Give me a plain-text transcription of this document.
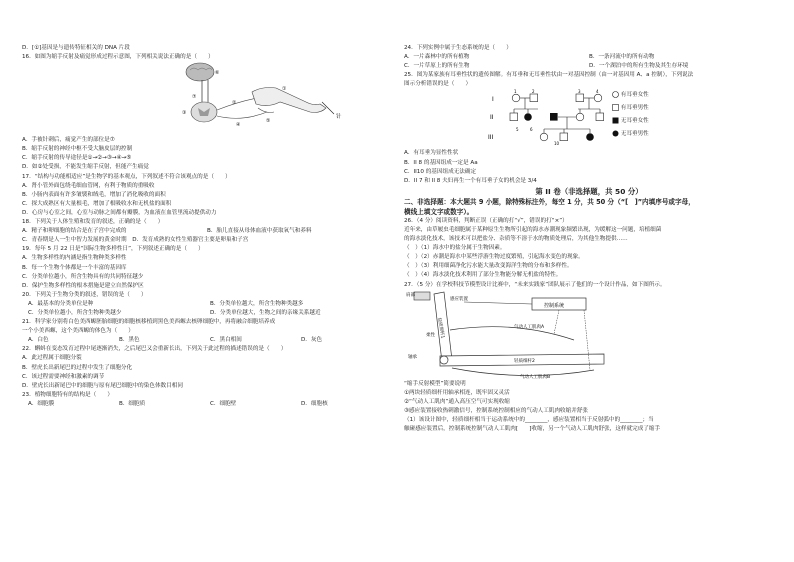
D．[①]基因是与遗传特征相关的 DNA 片段
16．如图为缩手反射及痛觉形成过程示意图，下列相关说法正确的是（　　）
针
⑥
⑦
③
②
④
①
⑤
A．手被针刺后，痛觉产生的部位是⑦
B．缩手反射的神经中枢不受大脑皮层的控制
C．缩手反射的传导途径是①→②→③→④→⑤
D．如②处受损，不能发生缩手反射，但能产生痛觉
17．“结构与功能相适应”是生物学的基本观点，下列叙述不符合该观点的是（　　）
A．肾小管外面包绕毛细血管网，有利于物质的重吸收
B．小肠内表面有许多皱襞和绒毛，增加了消化吸收的面积
C．探大成熟区有大量根毛，增加了根吸收水和无机盐的面积
D．心房与心室之间，心室与动脉之间都有瓣膜，为血液在血管里流动提供动力
18．下列关于人体生殖和发育的叙述，正确的是（　　）
A．精子和卵细胞的结合是在子宫中完成的	B．胎儿直接从母体血液中获取氧气和养料
C．青春期是人一生中智力发展的黄金时期　D．发育成熟的女性生殖器官主要是卵巢和子宫
19．每年 5 月 22 日是“国际生物多样性日”，下列叙述正确的是（　　）
A．生物多样性的内涵是指生物种类多样性
B．每一个生物个体都是一个丰富的基因库
C．分类单位越小，所含生物具有的共同特征越少
D．保护生物多样性的根本措施是建立自然保护区
20．下列关于生物分类的叙述，错误的是（　　）
A．最基本的分类单位是种	B．分类单位越大，所含生物种类越多
C．分类单位越小，所含生物种类越少	D．分类单位越大，生物之间的亲缘关系越近
21．科学家分别将白色美西螈胚胎细胞的细胞核移植到黑色美西螈去核卵细胞中，再将融合细胞培养成
一个小美西螈，这个美西螈的体色为（　　）
A．白色	B．黑色	C．黑白相间	D．灰色
22．蝌蚪在变态发育过程中尾逐渐消失，之后尾巴又会重新长出，下列关于此过程的描述错误的是（　　）
A．此过程属于细胞分裂
B．壁虎长出新尾巴的过程中发生了细胞分化
C．该过程需要神经和激素的调节
D．壁虎长出新尾巴中的细胞与原有尾巴细胞中的染色体数目相同
23．植物细胞特有的结构是（　　）
A．细胞膜	B．细胞质	C．细胞壁	D．细胞核
24．下列实例中属于生态系统的是（　　）
A．一片森林中的所有植物	B．一条河流中的所有动物
C．一片草原上的所有生物	D．一个湖泊中的所有生物及其生存环境
25．图为某家族有耳垂性状的遗传图解。有耳垂和无耳垂性状由一对基因控制（由一对基因用 A、a 控制），下列说法
图示分析错误的是（　　）
I
II
III
1	2	3	4
5	6
10
有耳垂女性
有耳垂男性
无耳垂女性
无耳垂男性
A．有耳垂为显性性状
B．II 8 的基因组成一定是 Aa
C．II10 的基因组成无法确定
D．II 7 和 II 8 夫妇再生一个有耳垂子女的机会是 3/4
第 II 卷（非选择题，共 50 分）
二、非选择题：本大题共 9 小题，除特殊标注外，每空 1 分，共 50 分（“[　]”内填序号或字母，
横线上填文字或数字）。
26．（4 分）阅读资料，判断正误（正确的打“√”，错误的打“×”）
近年来，由草履虫毛细胞属于某种原生生物所引起的海水赤潮现象频繁出现，为缓解这一问题，培植细菌
的海水淡化技术，该技术可以把盐分、杂质等不溶于水的物质处理后，为其他生物提供……
（　）（1）海水中的盐分属于生物因素。
（　）（2）赤潮是海水中某些浮游生物过度繁殖，引起海水变色的现象。
（　）（3）利用细菌净化污水能大量改变海洋生物的分布和多样性。
（　）（4）海水淡化技术利用了部分生物能分解无机盐的特性。
27．（5 分）在学校科技节模型设计比赛中，“未来实践家”团队展示了他们的一个设计作品，如下图所示。
肩部
感应装置
控制系统
气动人工肌肉A
气动人工肌肉B
轻质细杆2
轻质细杆1
轴承
柔性
“缩手反射模型”简要说明
①两块轻质细杆用轴承相连，既牢固又灵活
②“气动人工肌肉”通入高压空气可实现收缩
③感应装置接收热刺激信号，控制系统控制相应的气动人工肌肉收缩并舒张
（1）该设计图中，轻质细杆相当于运动系统中的________，感应装置相当于反射弧中的________；当
触碰感应装置后，控制系统控制气动人工肌肉[　　]收缩，另一个气动人工肌肉舒张，这样就完成了缩手
